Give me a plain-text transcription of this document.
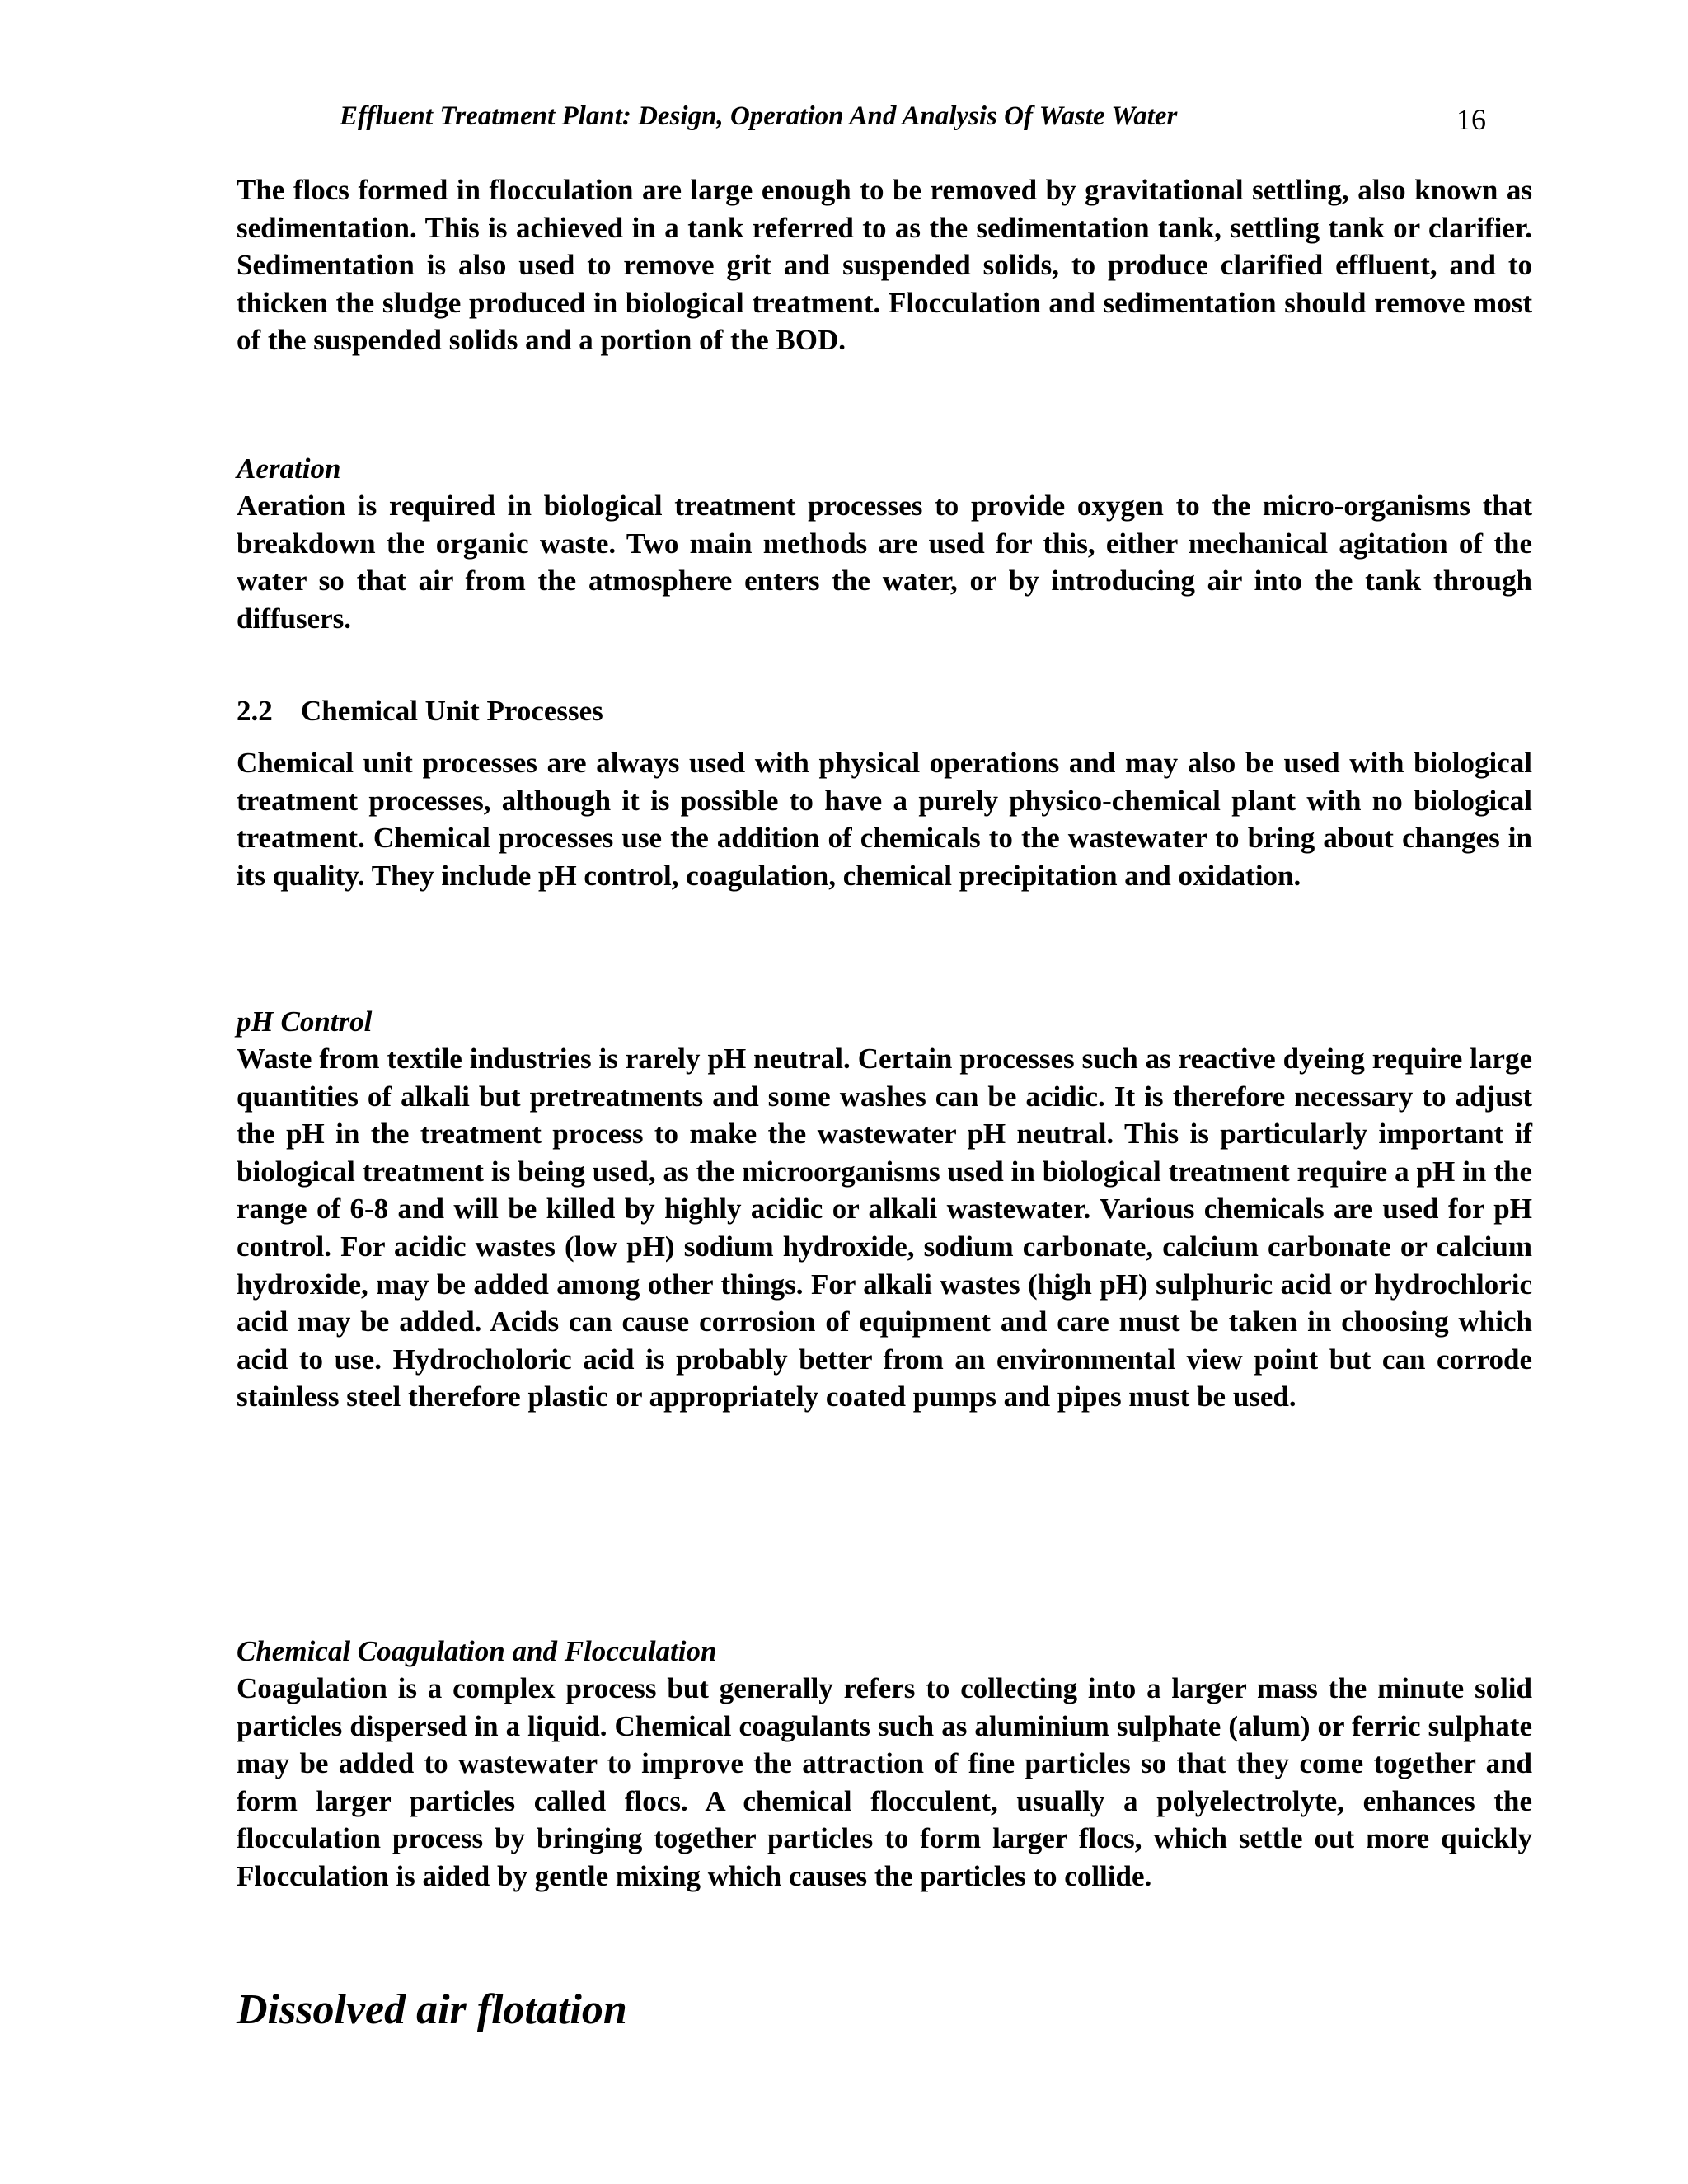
Effluent Treatment Plant: Design, Operation And Analysis Of Waste Water	16

The flocs formed in flocculation are large enough to be removed by gravitational settling, also known as sedimentation. This is achieved in a tank referred to as the sedimentation tank, settling tank or clarifier. Sedimentation is also used to remove grit and suspended solids, to produce clarified effluent, and to thicken the sludge produced in biological treatment. Flocculation and sedimentation should remove most of the suspended solids and a portion of the BOD.

Aeration

Aeration is required in biological treatment processes to provide oxygen to the micro-organisms that breakdown the organic waste. Two main methods are used for this, either mechanical agitation of the water so that air from the atmosphere enters the water, or by introducing air into the tank through diffusers.

2.2 Chemical Unit Processes

Chemical unit processes are always used with physical operations and may also be used with biological treatment processes, although it is possible to have a purely physico-chemical plant with no biological treatment. Chemical processes use the addition of chemicals to the wastewater to bring about changes in its quality. They include pH control, coagulation, chemical precipitation and oxidation.

pH Control

Waste from textile industries is rarely pH neutral. Certain processes such as reactive dyeing require large quantities of alkali but pretreatments and some washes can be acidic. It is therefore necessary to adjust the pH in the treatment process to make the wastewater pH neutral. This is particularly important if biological treatment is being used, as the microorganisms used in biological treatment require a pH in the range of 6-8 and will be killed by highly acidic or alkali wastewater. Various chemicals are used for pH control. For acidic wastes (low pH) sodium hydroxide, sodium carbonate, calcium carbonate or calcium hydroxide, may be added among other things. For alkali wastes (high pH) sulphuric acid or hydrochloric acid may be added. Acids can cause corrosion of equipment and care must be taken in choosing which acid to use. Hydrocholoric acid is probably better from an environmental view point but can corrode stainless steel therefore plastic or appropriately coated pumps and pipes must be used.

Chemical Coagulation and Flocculation

Coagulation is a complex process but generally refers to collecting into a larger mass the minute solid particles dispersed in a liquid. Chemical coagulants such as aluminium sulphate (alum) or ferric sulphate may be added to wastewater to improve the attraction of fine particles so that they come together and form larger particles called flocs. A chemical flocculent, usually a polyelectrolyte, enhances the flocculation process by bringing together particles to form larger flocs, which settle out more quickly Flocculation is aided by gentle mixing which causes the particles to collide.

Dissolved air flotation
